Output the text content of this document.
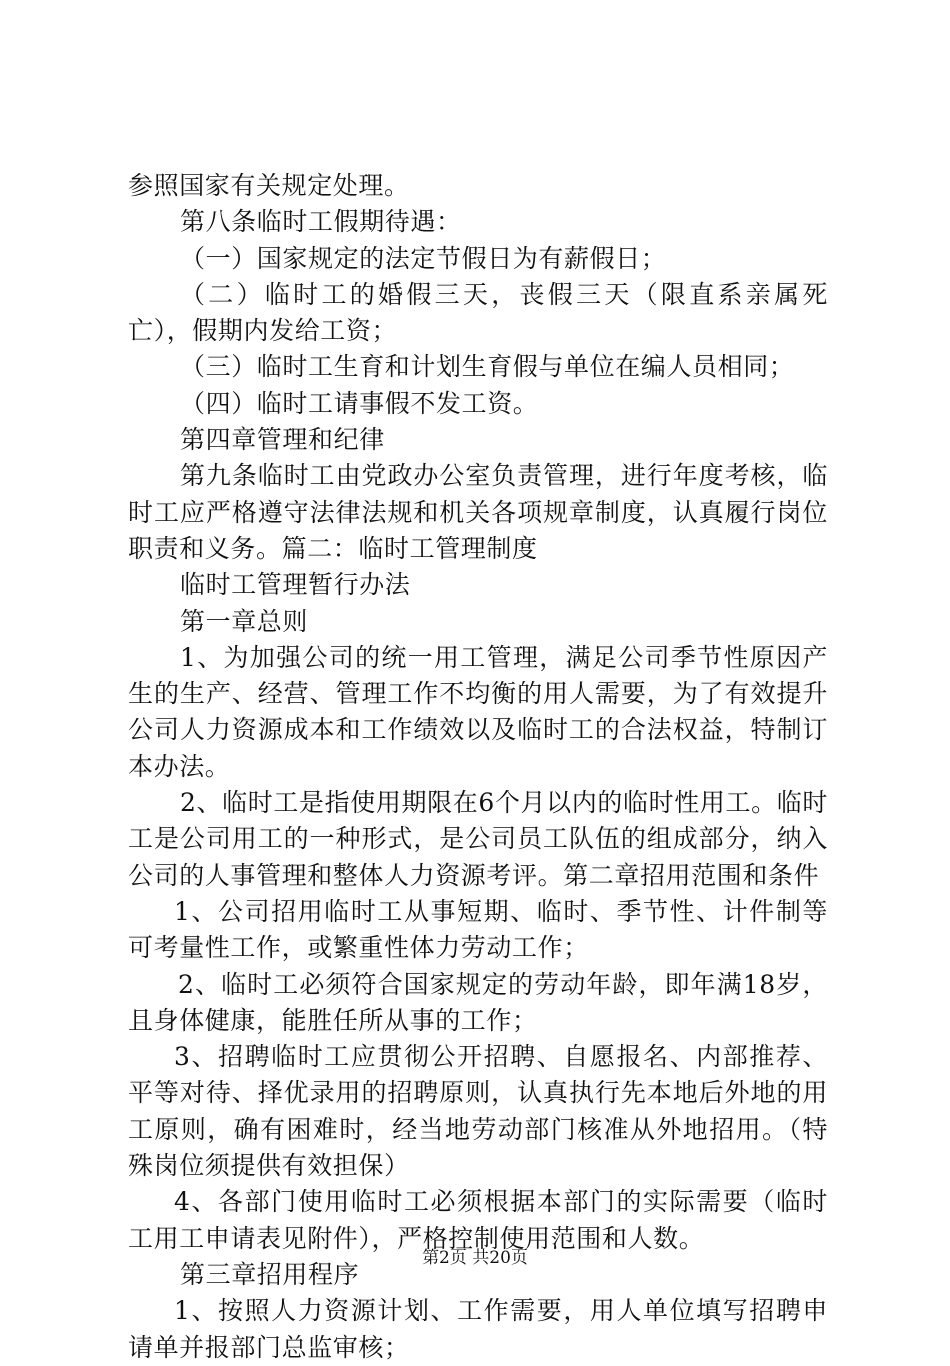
参照国家有关规定处理。

第八条临时工假期待遇：

（一）国家规定的法定节假日为有薪假日；

（二）临时工的婚假三天，丧假三天（限直系亲属死亡），假期内发给工资；

（三）临时工生育和计划生育假与单位在编人员相同；

（四）临时工请事假不发工资。

第四章管理和纪律

第九条临时工由党政办公室负责管理，进行年度考核，临时工应严格遵守法律法规和机关各项规章制度，认真履行岗位职责和义务。篇二：临时工管理制度

临时工管理暂行办法

第一章总则

1、为加强公司的统一用工管理，满足公司季节性原因产生的生产、经营、管理工作不均衡的用人需要，为了有效提升公司人力资源成本和工作绩效以及临时工的合法权益，特制订本办法。

2、临时工是指使用期限在6个月以内的临时性用工。临时工是公司用工的一种形式，是公司员工队伍的组成部分，纳入公司的人事管理和整体人力资源考评。第二章招用范围和条件

1、公司招用临时工从事短期、临时、季节性、计件制等可考量性工作，或繁重性体力劳动工作；

2、临时工必须符合国家规定的劳动年龄，即年满18岁，且身体健康，能胜任所从事的工作；

3、招聘临时工应贯彻公开招聘、自愿报名、内部推荐、平等对待、择优录用的招聘原则，认真执行先本地后外地的用工原则，确有困难时，经当地劳动部门核准从外地招用。（特殊岗位须提供有效担保）

4、各部门使用临时工必须根据本部门的实际需要（临时工用工申请表见附件），严格控制使用范围和人数。

第三章招用程序

1、按照人力资源计划、工作需要，用人单位填写招聘申请单并报部门总监审核；

第2页 共20页
